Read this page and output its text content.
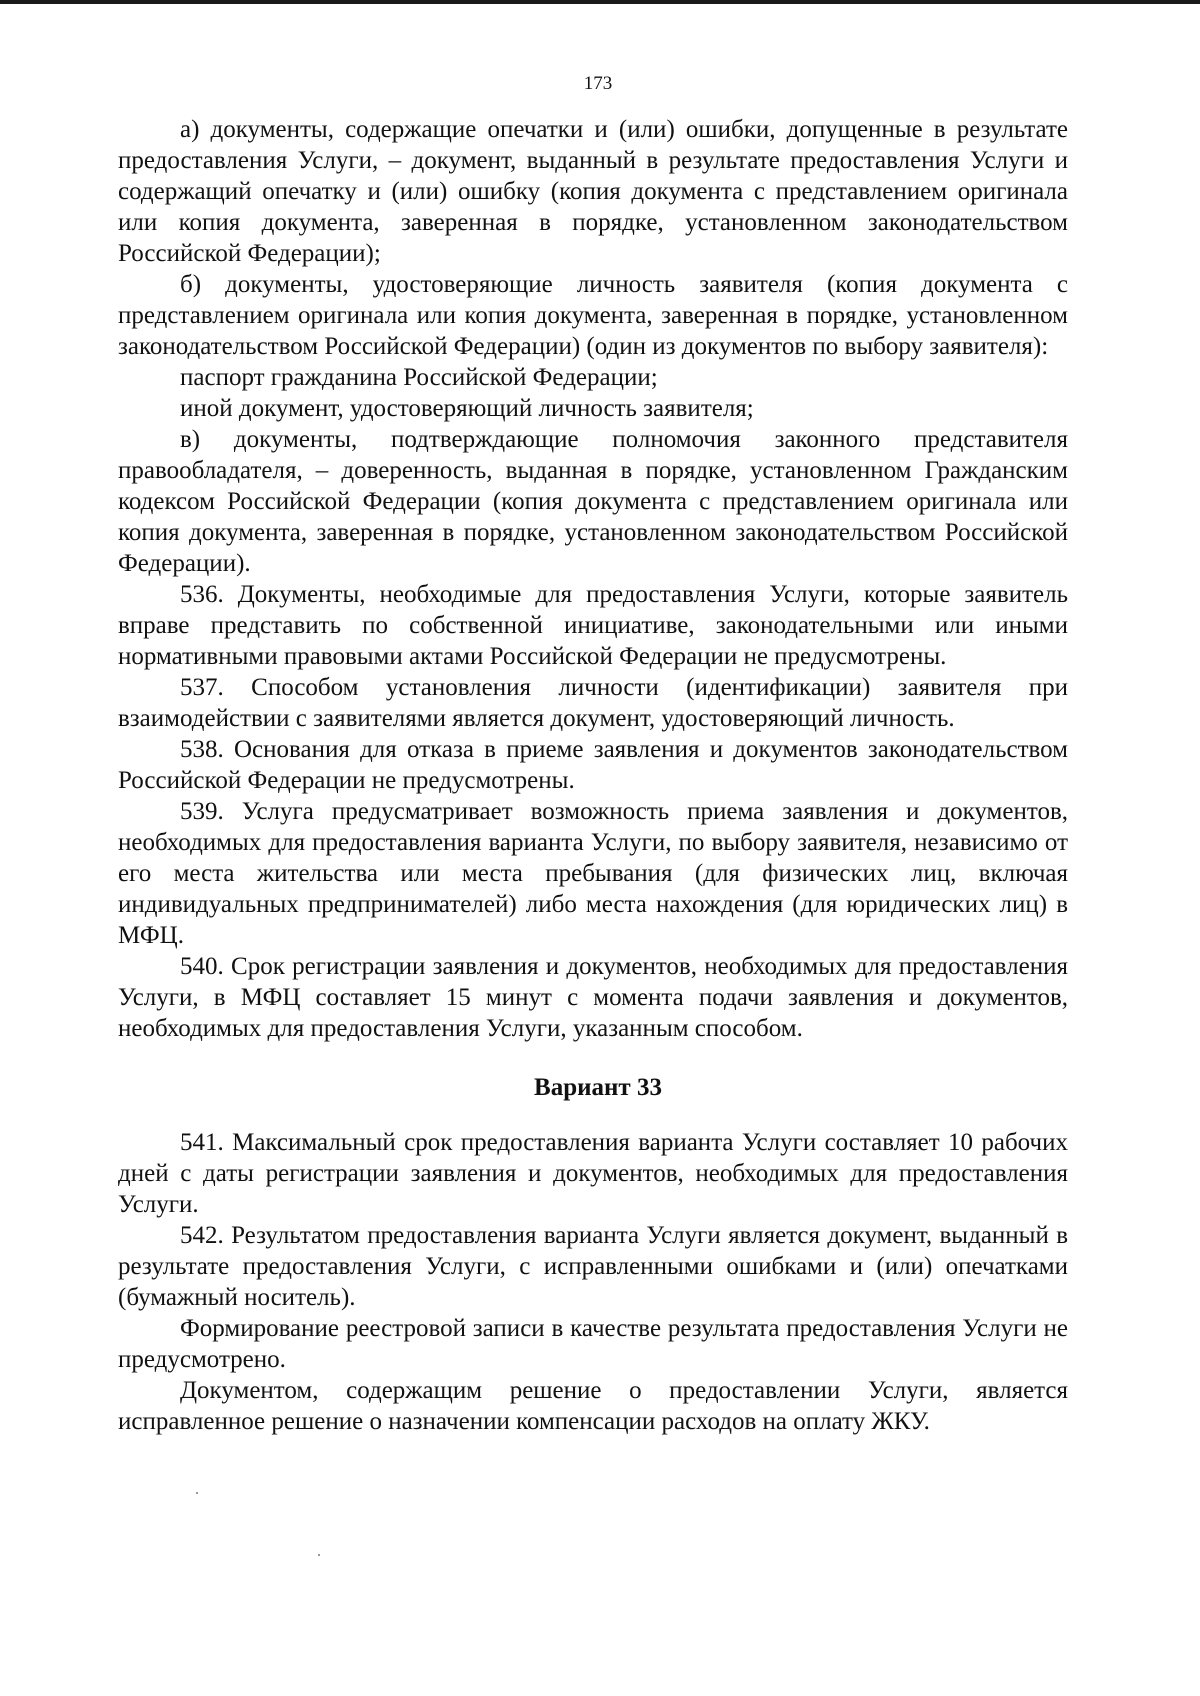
173

а) документы, содержащие опечатки и (или) ошибки, допущенные в результате предоставления Услуги, – документ, выданный в результате предоставления Услуги и содержащий опечатку и (или) ошибку (копия документа с представлением оригинала или копия документа, заверенная в порядке, установленном законодательством Российской Федерации);

б) документы, удостоверяющие личность заявителя (копия документа с представлением оригинала или копия документа, заверенная в порядке, установленном законодательством Российской Федерации) (один из документов по выбору заявителя):

паспорт гражданина Российской Федерации;

иной документ, удостоверяющий личность заявителя;

в) документы, подтверждающие полномочия законного представителя правообладателя, – доверенность, выданная в порядке, установленном Гражданским кодексом Российской Федерации (копия документа с представлением оригинала или копия документа, заверенная в порядке, установленном законодательством Российской Федерации).

536. Документы, необходимые для предоставления Услуги, которые заявитель вправе представить по собственной инициативе, законодательными или иными нормативными правовыми актами Российской Федерации не предусмотрены.

537. Способом установления личности (идентификации) заявителя при взаимодействии с заявителями является документ, удостоверяющий личность.

538. Основания для отказа в приеме заявления и документов законодательством Российской Федерации не предусмотрены.

539. Услуга предусматривает возможность приема заявления и документов, необходимых для предоставления варианта Услуги, по выбору заявителя, независимо от его места жительства или места пребывания (для физических лиц, включая индивидуальных предпринимателей) либо места нахождения (для юридических лиц) в МФЦ.

540. Срок регистрации заявления и документов, необходимых для предоставления Услуги, в МФЦ составляет 15 минут с момента подачи заявления и документов, необходимых для предоставления Услуги, указанным способом.

Вариант 33

541. Максимальный срок предоставления варианта Услуги составляет 10 рабочих дней с даты регистрации заявления и документов, необходимых для предоставления Услуги.

542. Результатом предоставления варианта Услуги является документ, выданный в результате предоставления Услуги, с исправленными ошибками и (или) опечатками (бумажный носитель).

Формирование реестровой записи в качестве результата предоставления Услуги не предусмотрено.

Документом, содержащим решение о предоставлении Услуги, является исправленное решение о назначении компенсации расходов на оплату ЖКУ.
